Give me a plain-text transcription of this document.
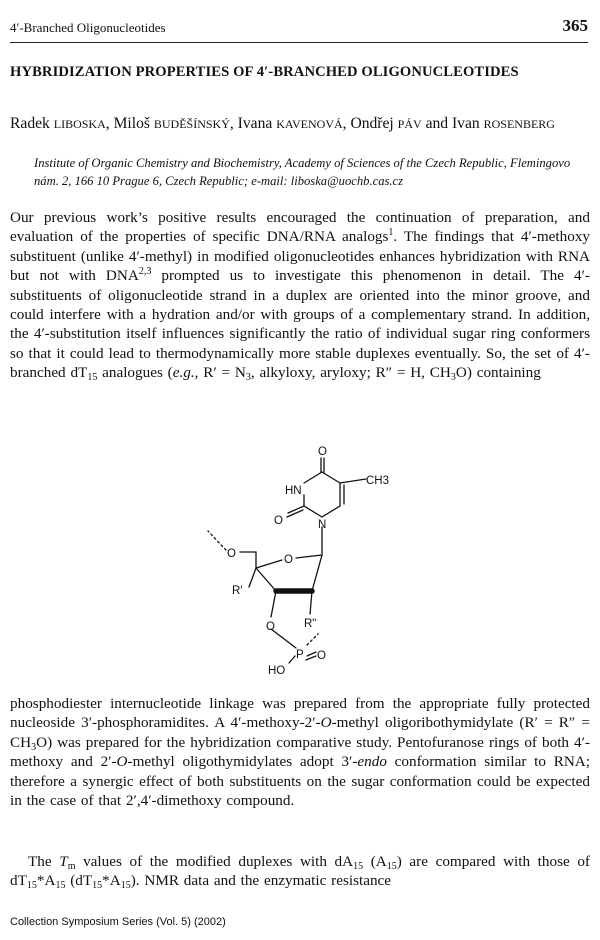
4′-Branched Oligonucleotides	365
HYBRIDIZATION PROPERTIES OF 4′-BRANCHED OLIGONUCLEOTIDES
Radek LIBOSKA, Miloš BUDĚŠÍNSKÝ, Ivana KAVENOVÁ, Ondřej PÁV and Ivan ROSENBERG
Institute of Organic Chemistry and Biochemistry, Academy of Sciences of the Czech Republic, Flemingovo nám. 2, 166 10 Prague 6, Czech Republic; e-mail: liboska@uochb.cas.cz
Our previous work’s positive results encouraged the continuation of preparation, and evaluation of the properties of specific DNA/RNA analogs$^1$. The findings that 4′-methoxy substituent (unlike 4′-methyl) in modified oligonucleotides enhances hybridization with RNA but not with DNA$^{2,3}$ prompted us to investigate this phenomenon in detail. The 4′-substituents of oligonucleotide strand in a duplex are oriented into the minor groove, and could interfere with a hydration and/or with groups of a complementary strand. In addition, the 4′-substitution itself influences significantly the ratio of individual sugar ring conformers so that it could lead to thermodynamically more stable duplexes eventually. So, the set of 4′-branched $dT_{15}$ analogues (e.g., $R' = N_3$, alkyloxy, aryloxy; R″ = H, $CH_3O$) containing
O
HN
CH3
O	N
O	O
R′
R"
O
P O
HO
phosphodiester internucleotide linkage was prepared from the appropriate fully protected nucleoside 3′-phosphoramidites. A 4′-methoxy-2′-O-methyl oligoribothymidylate $(R' = R'' = CH_3O)$ was prepared for the hybridization comparative study. Pentofuranose rings of both 4′-methoxy and 2′-O-methyl oligothymidylates adopt 3′-endo conformation similar to RNA; therefore a synergic effect of both substituents on the sugar conformation could be expected in the case of that 2′,4′-dimethoxy compound.
The $T_m$ values of the modified duplexes with $dA_{15}$ $(A_{15})$ are compared with those of $dT_{15}*A_{15}$ $(dT_{15}*A_{15})$. NMR data and the enzymatic resistance
Collection Symposium Series (Vol. 5) (2002)
